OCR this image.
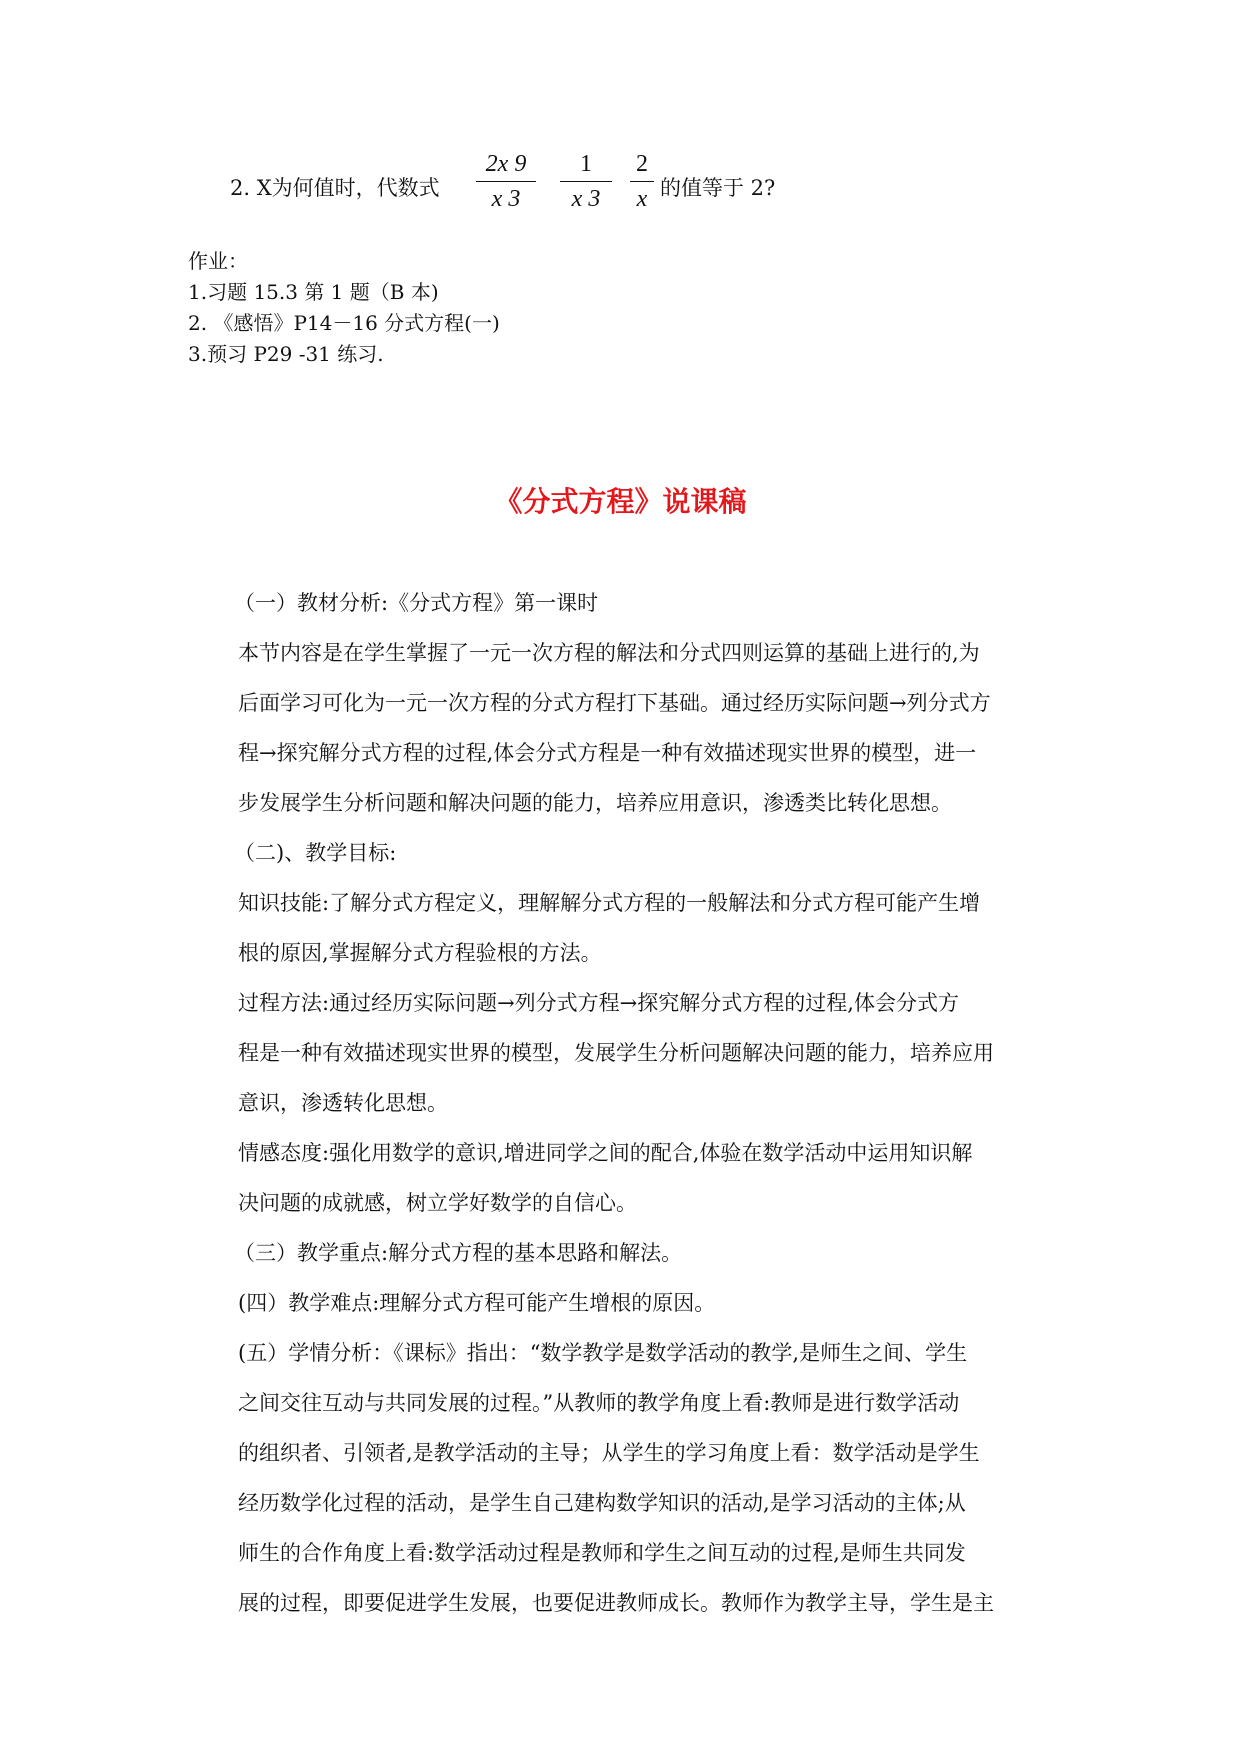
2. X为何值时，代数式
2x 9
x 3
1
x 3
2
x 的值等于 2?
作业：
1.习题 15.3 第 1 题（B 本)
2. 《感悟》P14－16 分式方程(一)
3.预习 P29 -31 练习.
《分式方程》说课稿
（一）教材分析:《分式方程》第一课时
本节内容是在学生掌握了一元一次方程的解法和分式四则运算的基础上进行的,为
后面学习可化为一元一次方程的分式方程打下基础。通过经历实际问题→列分式方
程→探究解分式方程的过程,体会分式方程是一种有效描述现实世界的模型，进一
步发展学生分析问题和解决问题的能力，培养应用意识，渗透类比转化思想。
（二)、教学目标:
知识技能:了解分式方程定义，理解解分式方程的一般解法和分式方程可能产生增
根的原因,掌握解分式方程验根的方法。
过程方法:通过经历实际问题→列分式方程→探究解分式方程的过程,体会分式方
程是一种有效描述现实世界的模型，发展学生分析问题解决问题的能力，培养应用
意识，渗透转化思想。
情感态度:强化用数学的意识,增进同学之间的配合,体验在数学活动中运用知识解
决问题的成就感，树立学好数学的自信心。
（三）教学重点:解分式方程的基本思路和解法。
(四）教学难点:理解分式方程可能产生增根的原因。
(五）学情分析：《课标》指出：“数学教学是数学活动的教学,是师生之间、学生
之间交往互动与共同发展的过程。”从教师的教学角度上看:教师是进行数学活动
的组织者、引领者,是教学活动的主导；从学生的学习角度上看：数学活动是学生
经历数学化过程的活动，是学生自己建构数学知识的活动,是学习活动的主体;从
师生的合作角度上看:数学活动过程是教师和学生之间互动的过程,是师生共同发
展的过程，即要促进学生发展，也要促进教师成长。教师作为教学主导，学生是主
